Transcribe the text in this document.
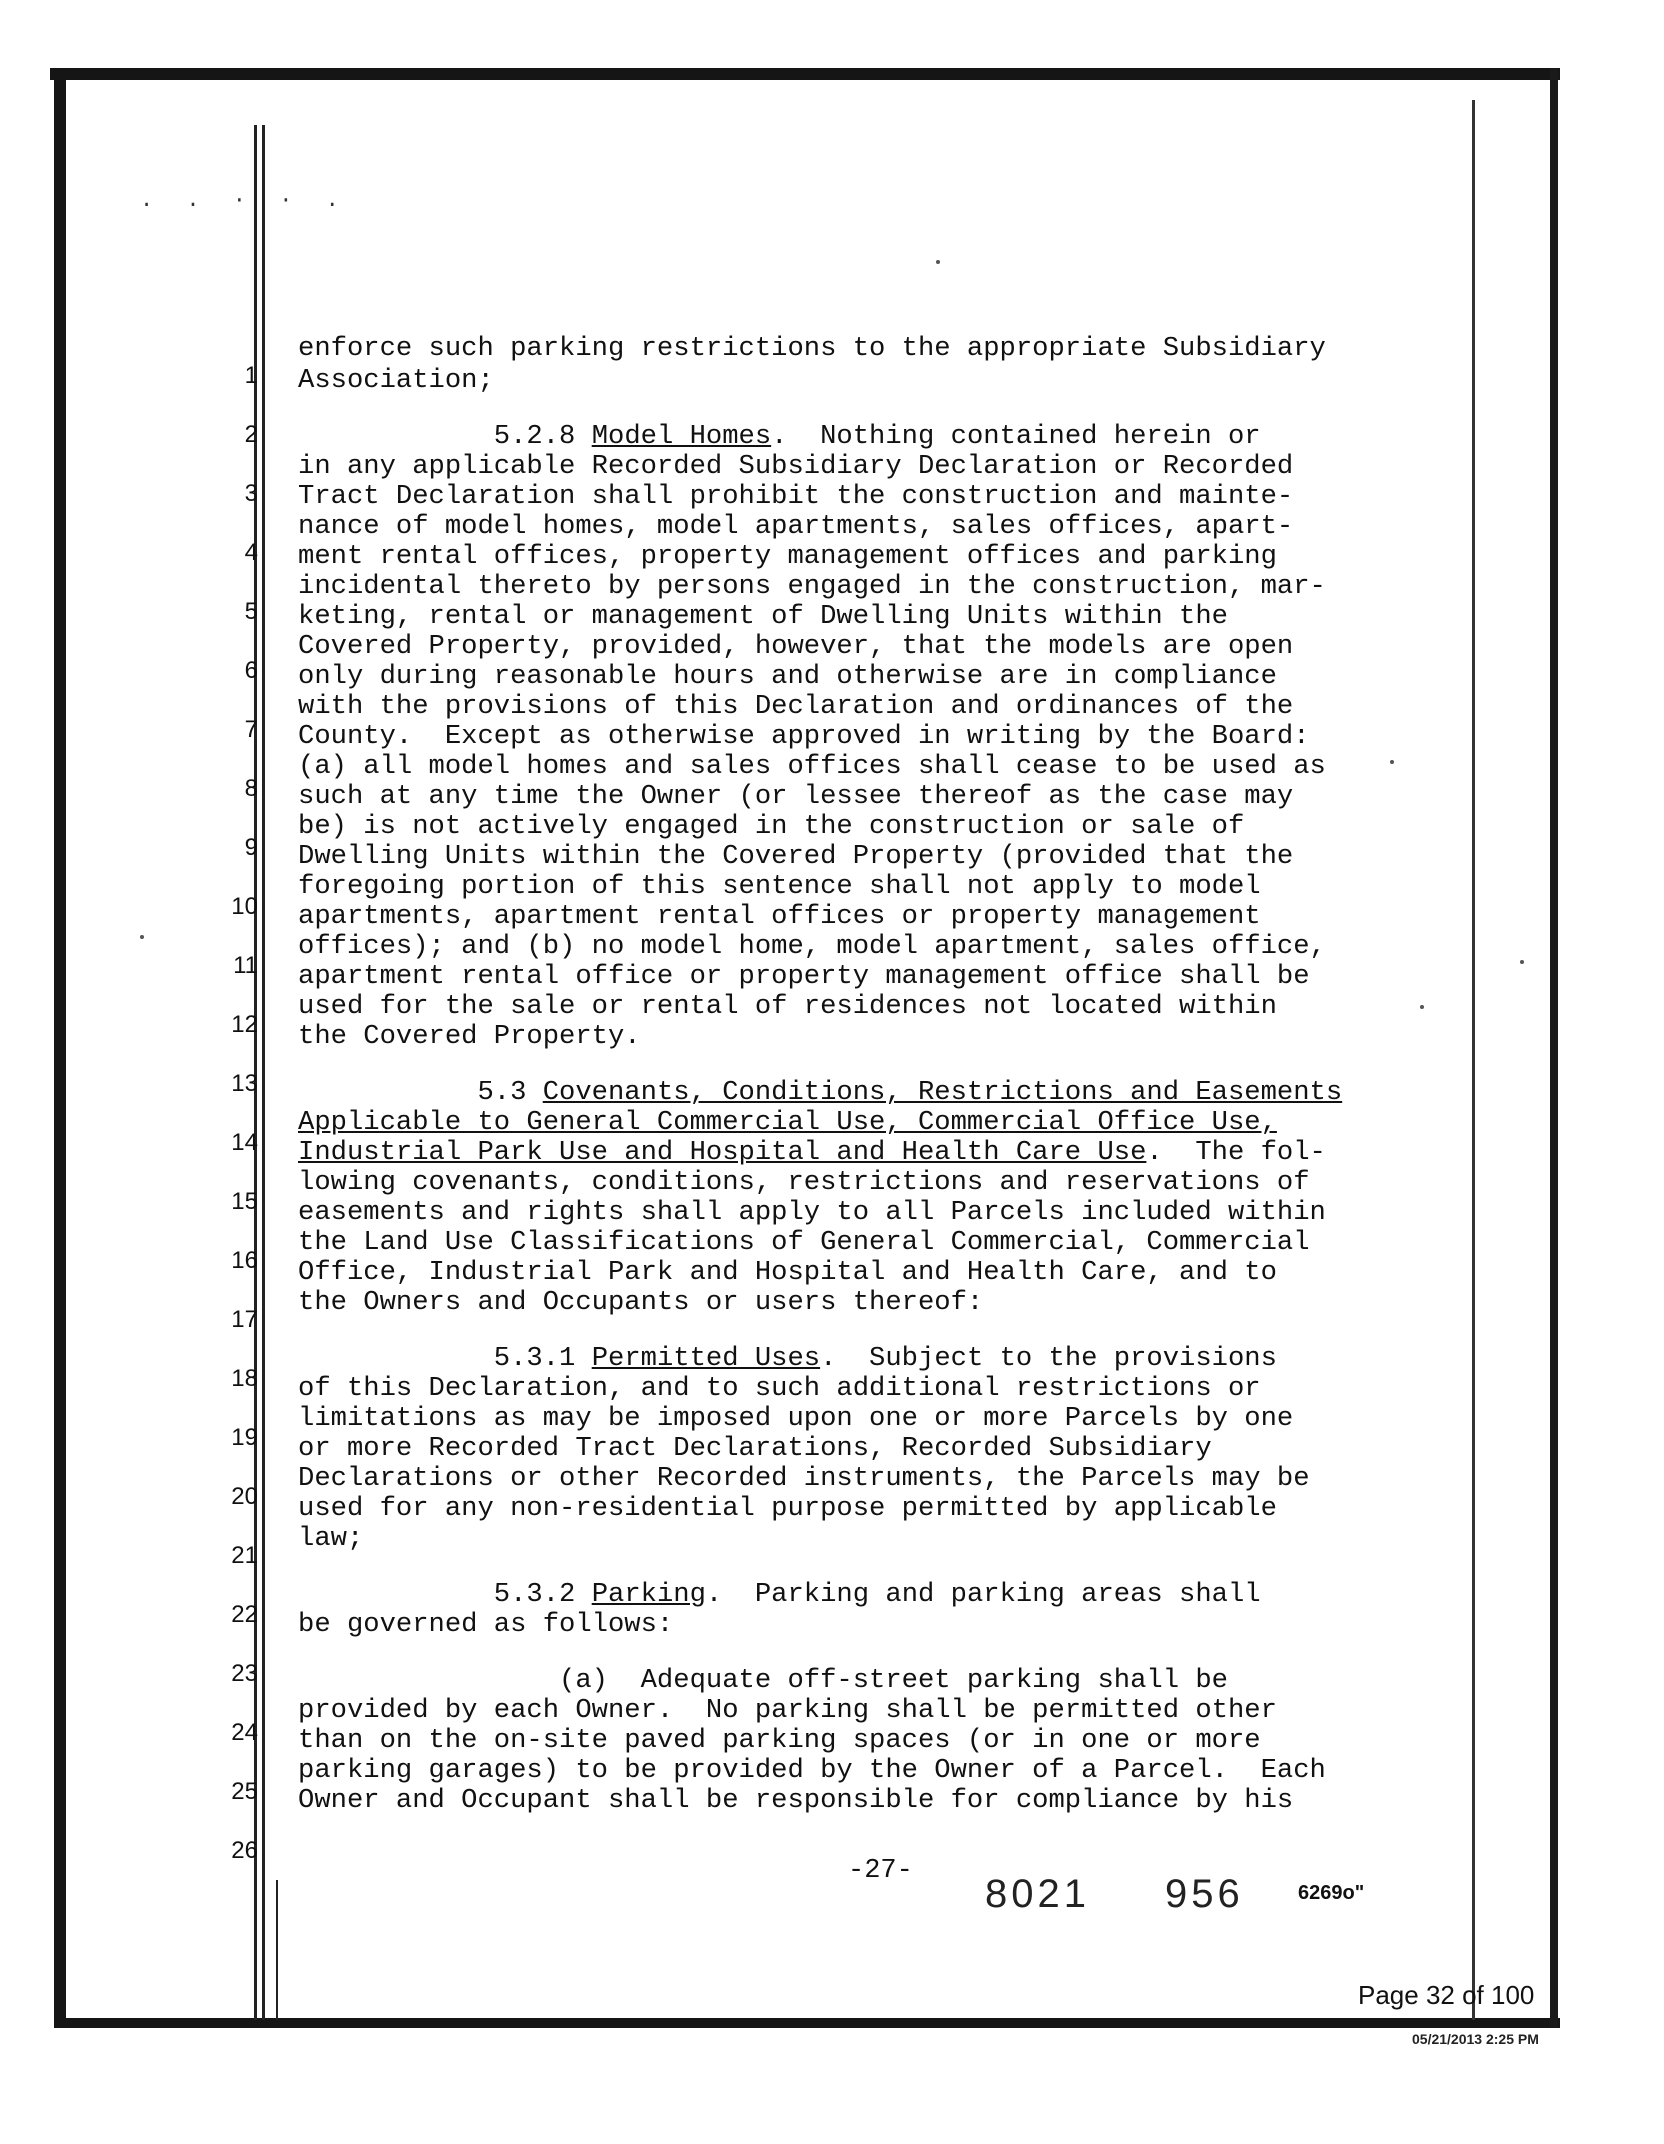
. . · · .
1
2
3
4
5
6
7
8
9
10
11
12
13
14
15
16
17
18
19
20
21
22
23
24
25
26
enforce such parking restrictions to the appropriate Subsidiary
Association;
5.2.8 Model Homes.  Nothing contained herein or
in any applicable Recorded Subsidiary Declaration or Recorded
Tract Declaration shall prohibit the construction and mainte-
nance of model homes, model apartments, sales offices, apart-
ment rental offices, property management offices and parking
incidental thereto by persons engaged in the construction, mar-
keting, rental or management of Dwelling Units within the
Covered Property, provided, however, that the models are open
only during reasonable hours and otherwise are in compliance
with the provisions of this Declaration and ordinances of the
County.  Except as otherwise approved in writing by the Board:
(a) all model homes and sales offices shall cease to be used as
such at any time the Owner (or lessee thereof as the case may
be) is not actively engaged in the construction or sale of
Dwelling Units within the Covered Property (provided that the
foregoing portion of this sentence shall not apply to model
apartments, apartment rental offices or property management
offices); and (b) no model home, model apartment, sales office,
apartment rental office or property management office shall be
used for the sale or rental of residences not located within
the Covered Property.
5.3 Covenants, Conditions, Restrictions and Easements
Applicable to General Commercial Use, Commercial Office Use,
Industrial Park Use and Hospital and Health Care Use.  The fol-
lowing covenants, conditions, restrictions and reservations of
easements and rights shall apply to all Parcels included within
the Land Use Classifications of General Commercial, Commercial
Office, Industrial Park and Hospital and Health Care, and to
the Owners and Occupants or users thereof:
5.3.1 Permitted Uses.  Subject to the provisions
of this Declaration, and to such additional restrictions or
limitations as may be imposed upon one or more Parcels by one
or more Recorded Tract Declarations, Recorded Subsidiary
Declarations or other Recorded instruments, the Parcels may be
used for any non-residential purpose permitted by applicable
law;
5.3.2 Parking.  Parking and parking areas shall
be governed as follows:
(a)  Adequate off-street parking shall be
provided by each Owner.  No parking shall be permitted other
than on the on-site paved parking spaces (or in one or more
parking garages) to be provided by the Owner of a Parcel.  Each
Owner and Occupant shall be responsible for compliance by his
-27-
8021 956	6269o"
Page 32 of 100
05/21/2013 2:25 PM
